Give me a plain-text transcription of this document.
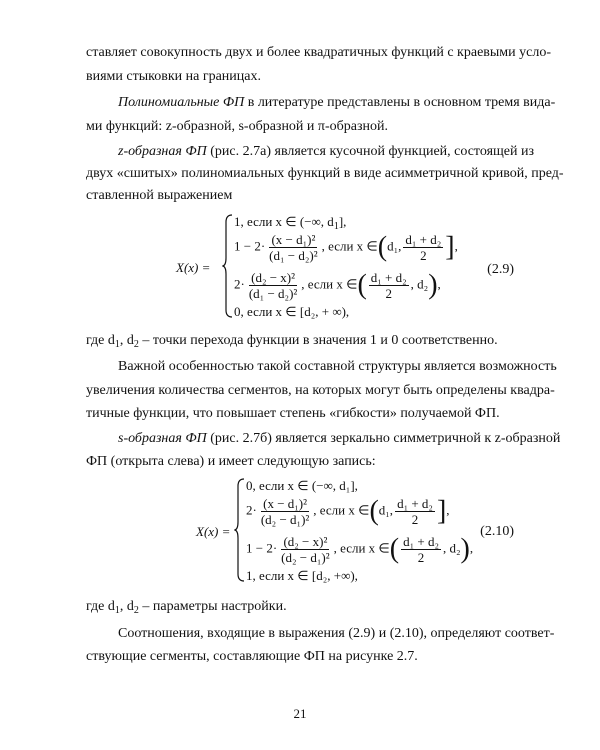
ставляет совокупность двух и более квадратичных функций с краевыми усло-
виями стыковки на границах.
Полиномиальные ФП в литературе представлены в основном тремя вида-
ми функций: z-образной, s-образной и π-образной.
z-образная ФП (рис. 2.7а) является кусочной функцией, состоящей из
двух «сшитых» полиномиальных функций в виде асимметричной кривой, пред-
ставленной выражением
X(x) =
1, если x ∈ (−∞, $d_1$],
$1 - 2\cdot \frac{\text{(x − d₁)²}}{\text{(d₁ − d₂)²}}$ , если x ∈(d₁, $\frac{\text{d₁ + d₂}}{2}$ ],
$2\cdot \frac{\text{(d₂ − x)²}}{\text{(d₁ − d₂)²}}$ , если x ∈( $\frac{\text{d₁ + d₂}}{2}$ , d₂),
0, если x ∈ [d₂, + ∞),
(2.9)
где $d_1$, $d_2$ – точки перехода функции в значения 1 и 0 соответственно.
Важной особенностью такой составной структуры является возможность
увеличения количества сегментов, на которых могут быть определены квадра-
тичные функции, что повышает степень «гибкости» получаемой ФП.
s-образная ФП (рис. 2.7б) является зеркально симметричной к z-образной
ФП (открыта слева) и имеет следующую запись:
X(x) =
0, если x ∈ (−∞, d₁],
$2\cdot \frac{\text{(x − d₁)²}}{\text{(d₂ − d₁)²}}$ , если x ∈(d₁, $\frac{\text{d₁ + d₂}}{2}$ ],
$1 - 2\cdot \frac{\text{(d₂ − x)²}}{\text{(d₂ − d₁)²}}$ , если x ∈( $\frac{\text{d₁ + d₂}}{2}$ , d₂),
1, если x ∈ [d₂, +∞),
(2.10)
где $d_1$, $d_2$ – параметры настройки.
Соотношения, входящие в выражения (2.9) и (2.10), определяют соответ-
ствующие сегменты, составляющие ФП на рисунке 2.7.
21
